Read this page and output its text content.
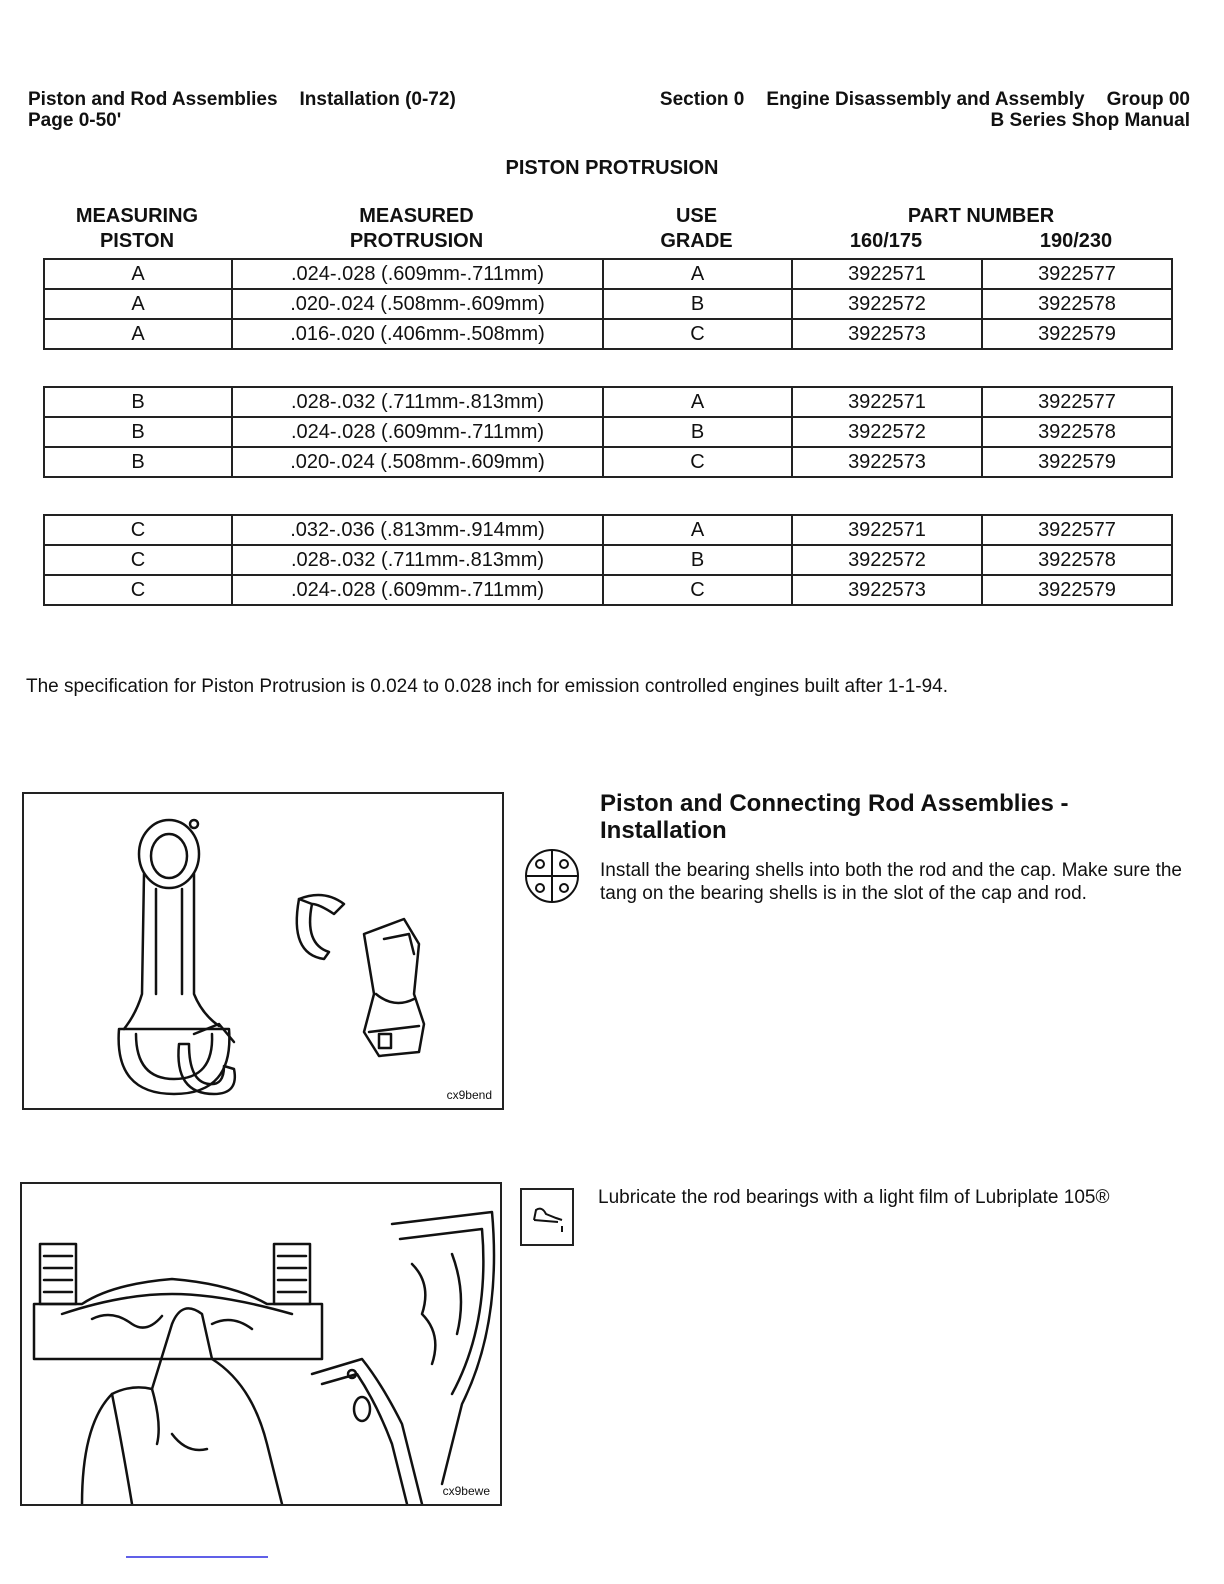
Piston and Rod Assemblies Installation (0-72)
Page 0-50'
Section 0 Engine Disassembly and Assembly Group 00
B Series Shop Manual
PISTON PROTRUSION
MEASURING
PISTON
MEASURED
PROTRUSION
USE
GRADE
PART NUMBER
160/175	190/230
A	.024-.028 (.609mm-.711mm)	A	3922571	3922577
A	.020-.024 (.508mm-.609mm)	B	3922572	3922578
A	.016-.020 (.406mm-.508mm)	C	3922573	3922579
B	.028-.032 (.711mm-.813mm)	A	3922571	3922577
B	.024-.028 (.609mm-.711mm)	B	3922572	3922578
B	.020-.024 (.508mm-.609mm)	C	3922573	3922579
C	.032-.036 (.813mm-.914mm)	A	3922571	3922577
C	.028-.032 (.711mm-.813mm)	B	3922572	3922578
C	.024-.028 (.609mm-.711mm)	C	3922573	3922579
The specification for Piston Protrusion is 0.024 to 0.028 inch for emission controlled engines built after 1-1-94.
cx9bend
Piston and Connecting Rod Assemblies -
Installation
Install the bearing shells into both the rod and the cap. Make sure the tang on the bearing shells is in the slot of the cap and rod.
cx9bewe
Lubricate the rod bearings with a light film of Lubriplate 105®
